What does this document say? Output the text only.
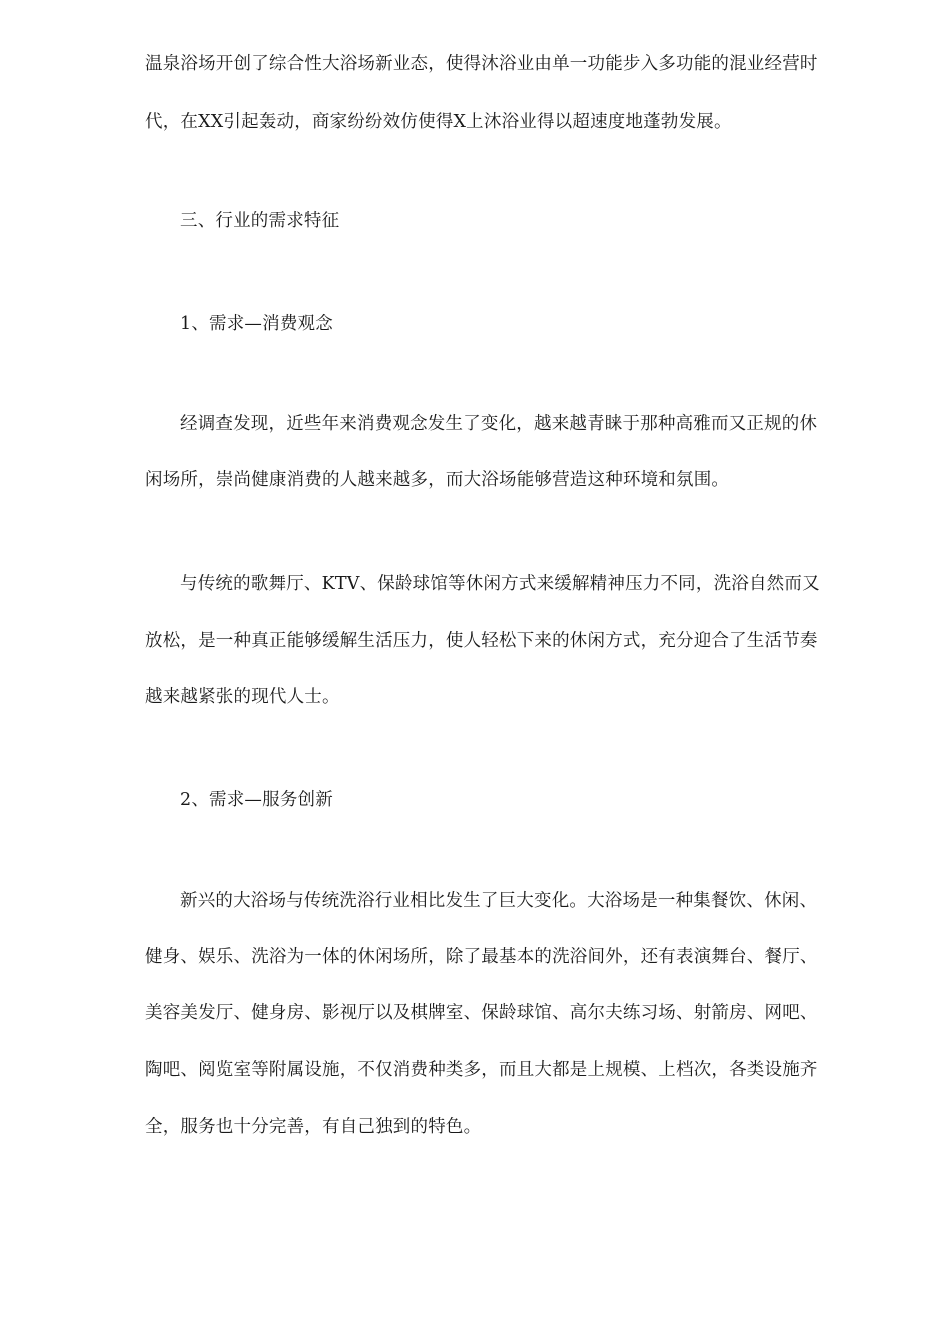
温泉浴场开创了综合性大浴场新业态，使得沐浴业由单一功能步入多功能的混业经营时
代，在XX引起轰动，商家纷纷效仿使得X上沐浴业得以超速度地蓬勃发展。
三、行业的需求特征
1、需求—消费观念
经调查发现，近些年来消费观念发生了变化，越来越青睐于那种高雅而又正规的休
闲场所，崇尚健康消费的人越来越多，而大浴场能够营造这种环境和氛围。
与传统的歌舞厅、KTV、保龄球馆等休闲方式来缓解精神压力不同，洗浴自然而又
放松，是一种真正能够缓解生活压力，使人轻松下来的休闲方式，充分迎合了生活节奏
越来越紧张的现代人士。
2、需求—服务创新
新兴的大浴场与传统洗浴行业相比发生了巨大变化。大浴场是一种集餐饮、休闲、
健身、娱乐、洗浴为一体的休闲场所，除了最基本的洗浴间外，还有表演舞台、餐厅、
美容美发厅、健身房、影视厅以及棋牌室、保龄球馆、高尔夫练习场、射箭房、网吧、
陶吧、阅览室等附属设施，不仅消费种类多，而且大都是上规模、上档次，各类设施齐
全，服务也十分完善，有自己独到的特色。
